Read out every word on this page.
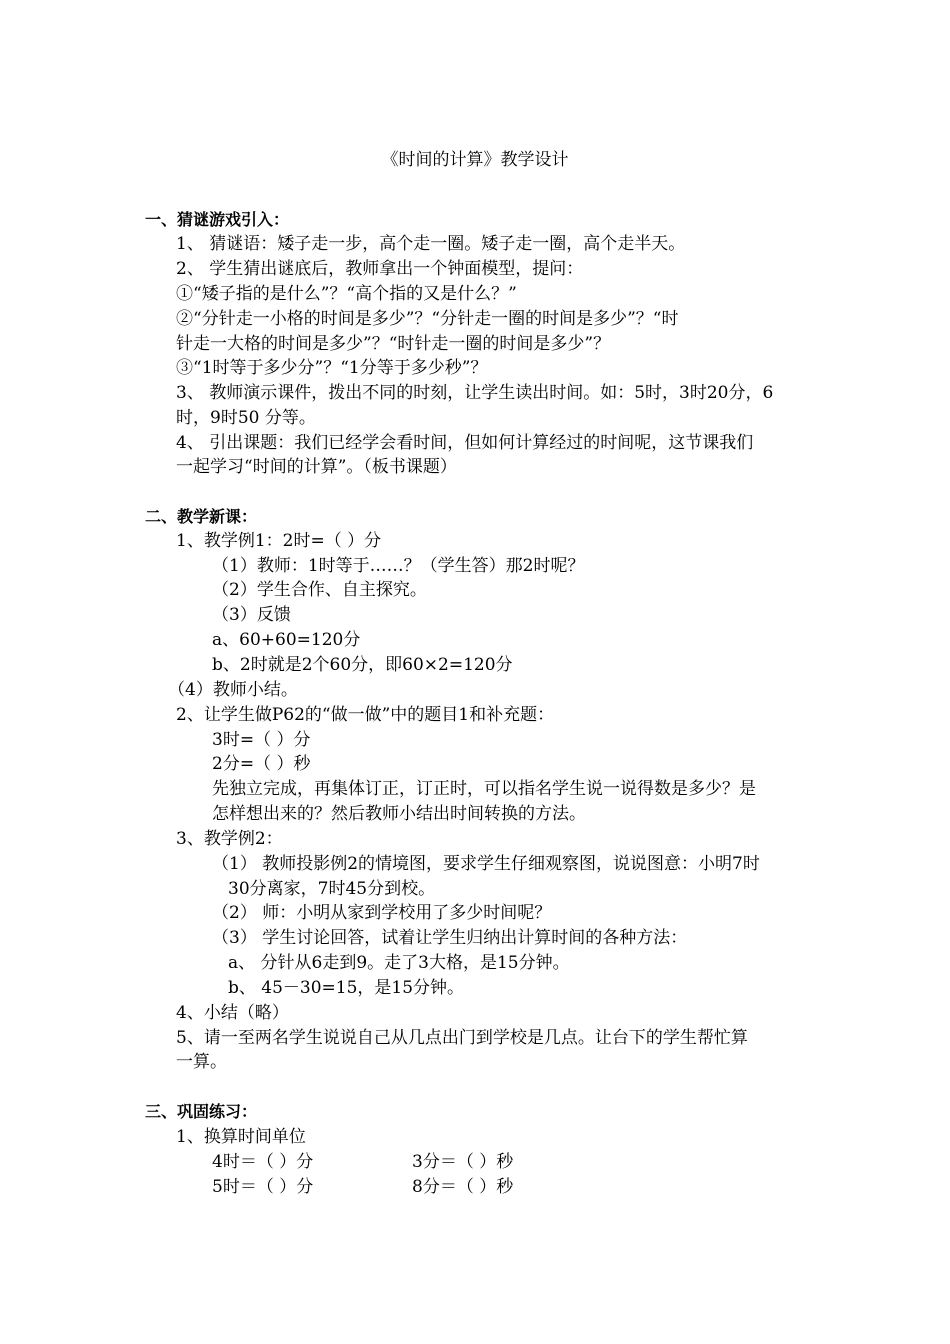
《时间的计算》教学设计
一、猜谜游戏引入：
1、 猜谜语：矮子走一步，高个走一圈。矮子走一圈，高个走半天。
2、 学生猜出谜底后，教师拿出一个钟面模型，提问：
①“矮子指的是什么”？“高个指的又是什么？”
②“分针走一小格的时间是多少”？“分针走一圈的时间是多少”？“时
针走一大格的时间是多少”？“时针走一圈的时间是多少”？
③“1时等于多少分”？“1分等于多少秒”？
3、 教师演示课件，拨出不同的时刻，让学生读出时间。如：5时，3时20分，6
时，9时50 分等。
4、 引出课题：我们已经学会看时间，但如何计算经过的时间呢，这节课我们
一起学习“时间的计算”。（板书课题）
二、教学新课：
1、教学例1：2时=（ ）分
（1）教师：1时等于……？（学生答）那2时呢？
（2）学生合作、自主探究。
（3）反馈
a、60+60=120分
b、2时就是2个60分，即60×2=120分
（4）教师小结。
2、让学生做P62的“做一做”中的题目1和补充题：
3时=（ ）分
2分=（ ）秒
先独立完成，再集体订正，订正时，可以指名学生说一说得数是多少？是
怎样想出来的？然后教师小结出时间转换的方法。
3、教学例2：
（1） 教师投影例2的情境图，要求学生仔细观察图，说说图意：小明7时
30分离家，7时45分到校。
（2） 师：小明从家到学校用了多少时间呢？
（3） 学生讨论回答，试着让学生归纳出计算时间的各种方法：
a、 分针从6走到9。走了3大格，是15分钟。
b、 45－30=15，是15分钟。
4、小结（略）
5、请一至两名学生说说自己从几点出门到学校是几点。让台下的学生帮忙算
一算。
三、巩固练习：
1、换算时间单位
4时＝（ ）分	3分＝（ ）秒
5时＝（ ）分	8分＝（ ）秒
